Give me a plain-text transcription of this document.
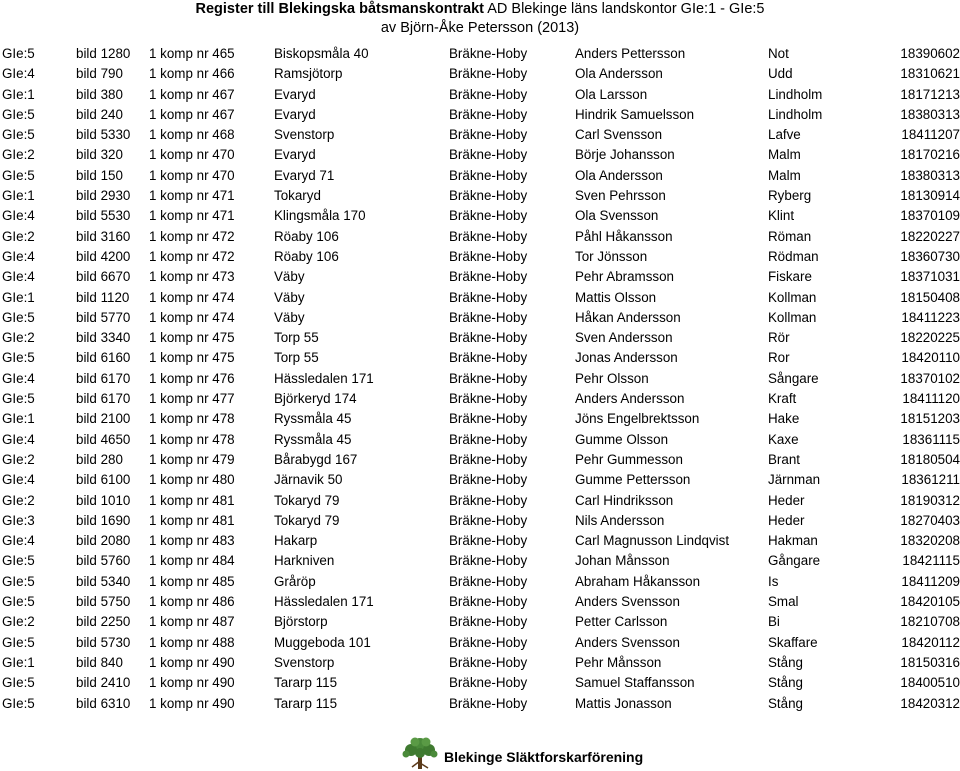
Register till Blekingska båtsmanskontrakt AD Blekinge läns landskontor GIe:1 - GIe:5
av Björn-Åke Petersson (2013)
GIe:5	bild 1280	1 komp nr 465	Biskopsmåla 40	Bräkne-Hoby	Anders Pettersson	Not	18390602
GIe:4	bild 790	1 komp nr 466	Ramsjötorp	Bräkne-Hoby	Ola Andersson	Udd	18310621
GIe:1	bild 380	1 komp nr 467	Evaryd	Bräkne-Hoby	Ola Larsson	Lindholm	18171213
GIe:5	bild 240	1 komp nr 467	Evaryd	Bräkne-Hoby	Hindrik Samuelsson	Lindholm	18380313
GIe:5	bild 5330	1 komp nr 468	Svenstorp	Bräkne-Hoby	Carl Svensson	Lafve	18411207
GIe:2	bild 320	1 komp nr 470	Evaryd	Bräkne-Hoby	Börje Johansson	Malm	18170216
GIe:5	bild 150	1 komp nr 470	Evaryd 71	Bräkne-Hoby	Ola Andersson	Malm	18380313
GIe:1	bild 2930	1 komp nr 471	Tokaryd	Bräkne-Hoby	Sven Pehrsson	Ryberg	18130914
GIe:4	bild 5530	1 komp nr 471	Klingsmåla 170	Bräkne-Hoby	Ola Svensson	Klint	18370109
GIe:2	bild 3160	1 komp nr 472	Röaby 106	Bräkne-Hoby	Påhl Håkansson	Röman	18220227
GIe:4	bild 4200	1 komp nr 472	Röaby 106	Bräkne-Hoby	Tor Jönsson	Rödman	18360730
GIe:4	bild 6670	1 komp nr 473	Väby	Bräkne-Hoby	Pehr Abramsson	Fiskare	18371031
GIe:1	bild 1120	1 komp nr 474	Väby	Bräkne-Hoby	Mattis Olsson	Kollman	18150408
GIe:5	bild 5770	1 komp nr 474	Väby	Bräkne-Hoby	Håkan Andersson	Kollman	18411223
GIe:2	bild 3340	1 komp nr 475	Torp 55	Bräkne-Hoby	Sven Andersson	Rör	18220225
GIe:5	bild 6160	1 komp nr 475	Torp 55	Bräkne-Hoby	Jonas Andersson	Ror	18420110
GIe:4	bild 6170	1 komp nr 476	Hässledalen 171	Bräkne-Hoby	Pehr Olsson	Sångare	18370102
GIe:5	bild 6170	1 komp nr 477	Björkeryd 174	Bräkne-Hoby	Anders Andersson	Kraft	18411120
GIe:1	bild 2100	1 komp nr 478	Ryssmåla 45	Bräkne-Hoby	Jöns Engelbrektsson	Hake	18151203
GIe:4	bild 4650	1 komp nr 478	Ryssmåla 45	Bräkne-Hoby	Gumme Olsson	Kaxe	18361115
GIe:2	bild 280	1 komp nr 479	Bårabygd 167	Bräkne-Hoby	Pehr Gummesson	Brant	18180504
GIe:4	bild 6100	1 komp nr 480	Järnavik 50	Bräkne-Hoby	Gumme Pettersson	Järnman	18361211
GIe:2	bild 1010	1 komp nr 481	Tokaryd 79	Bräkne-Hoby	Carl Hindriksson	Heder	18190312
GIe:3	bild 1690	1 komp nr 481	Tokaryd 79	Bräkne-Hoby	Nils Andersson	Heder	18270403
GIe:4	bild 2080	1 komp nr 483	Hakarp	Bräkne-Hoby	Carl Magnusson Lindqvist	Hakman	18320208
GIe:5	bild 5760	1 komp nr 484	Harkniven	Bräkne-Hoby	Johan Månsson	Gångare	18421115
GIe:5	bild 5340	1 komp nr 485	Gråröр	Bräkne-Hoby	Abraham Håkansson	Is	18411209
GIe:5	bild 5750	1 komp nr 486	Hässledalen 171	Bräkne-Hoby	Anders Svensson	Smal	18420105
GIe:2	bild 2250	1 komp nr 487	Björstorp	Bräkne-Hoby	Petter Carlsson	Bi	18210708
GIe:5	bild 5730	1 komp nr 488	Muggeboda 101	Bräkne-Hoby	Anders Svensson	Skaffare	18420112
GIe:1	bild 840	1 komp nr 490	Svenstorp	Bräkne-Hoby	Pehr Månsson	Stång	18150316
GIe:5	bild 2410	1 komp nr 490	Tararp 115	Bräkne-Hoby	Samuel Staffansson	Stång	18400510
GIe:5	bild 6310	1 komp nr 490	Tararp 115	Bräkne-Hoby	Mattis Jonasson	Stång	18420312
Blekinge Släktforskarförening
